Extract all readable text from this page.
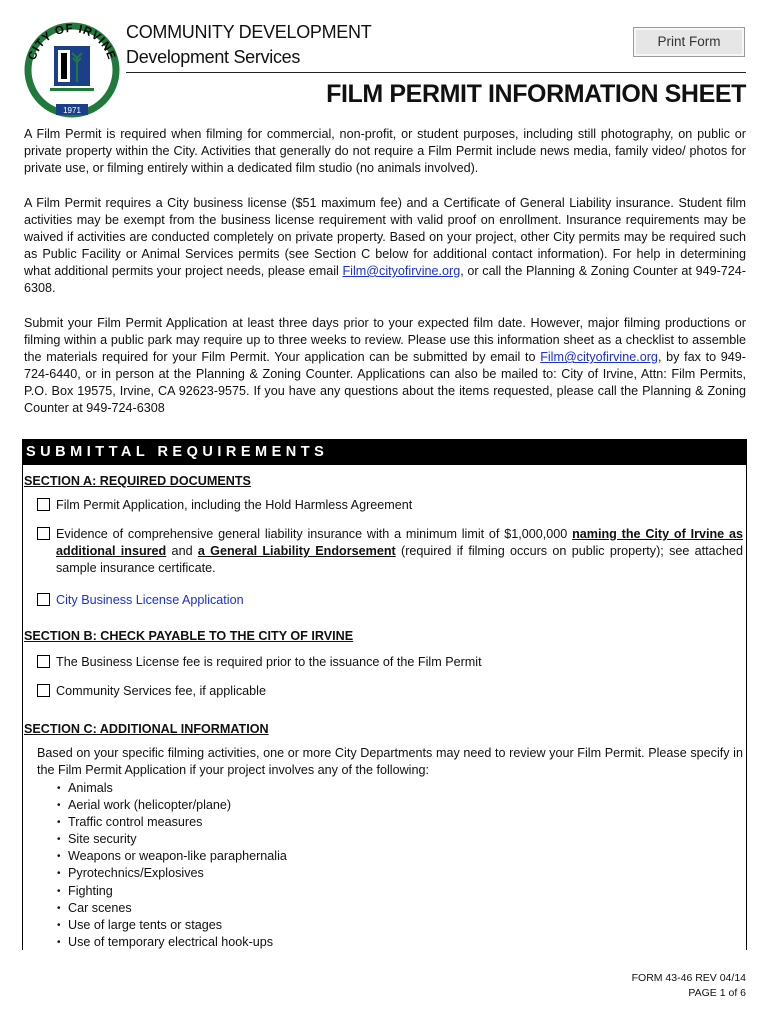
CITY OF IRVINE
1971
COMMUNITY DEVELOPMENT
Development Services
Print Form
FILM PERMIT INFORMATION SHEET
A Film Permit is required when filming for commercial, non-profit, or student purposes, including still photography, on public or private property within the City. Activities that generally do not require a Film Permit include news media, family video/ photos for private use, or filming entirely within a dedicated film studio (no animals involved).
A Film Permit requires a City business license ($51 maximum fee) and a Certificate of General Liability insurance. Student film activities may be exempt from the business license requirement with valid proof on enrollment. Insurance requirements may be waived if activities are conducted completely on private property. Based on your project, other City permits may be required such as Public Facility or Animal Services permits (see Section C below for additional contact information). For help in determining what additional permits your project needs, please email Film@cityofirvine.org, or call the Planning & Zoning Counter at 949-724-6308.
Submit your Film Permit Application at least three days prior to your expected film date. However, major filming productions or filming within a public park may require up to three weeks to review. Please use this information sheet as a checklist to assemble the materials required for your Film Permit. Your application can be submitted by email to Film@cityofirvine.org, by fax to 949-724-6440, or in person at the Planning & Zoning Counter. Applications can also be mailed to: City of Irvine, Attn: Film Permits, P.O. Box 19575, Irvine, CA 92623-9575. If you have any questions about the items requested, please call the Planning & Zoning Counter at 949-724-6308
SUBMITTAL REQUIREMENTS
SECTION A: REQUIRED DOCUMENTS
Film Permit Application, including the Hold Harmless Agreement
Evidence of comprehensive general liability insurance with a minimum limit of $1,000,000 naming the City of Irvine as additional insured and a General Liability Endorsement (required if filming occurs on public property); see attached sample insurance certificate.
City Business License Application
SECTION B: CHECK PAYABLE TO THE CITY OF IRVINE
The Business License fee is required prior to the issuance of the Film Permit
Community Services fee, if applicable
SECTION C: ADDITIONAL INFORMATION
Based on your specific filming activities, one or more City Departments may need to review your Film Permit. Please specify in the Film Permit Application if your project involves any of the following:
• Animals
• Aerial work (helicopter/plane)
• Traffic control measures
• Site security
• Weapons or weapon-like paraphernalia
• Pyrotechnics/Explosives
• Fighting
• Car scenes
• Use of large tents or stages
• Use of temporary electrical hook-ups
FORM 43-46 REV 04/14
PAGE 1 of 6
